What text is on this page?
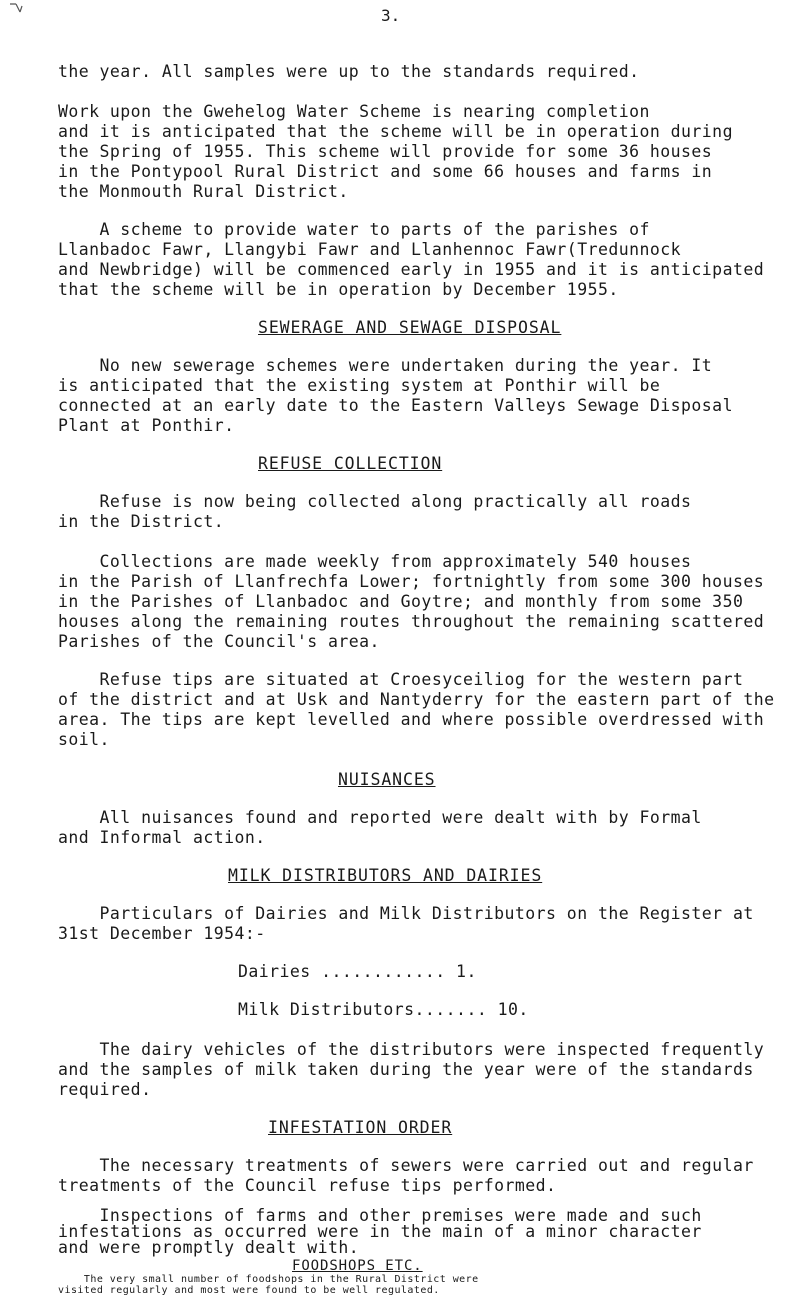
3.
the year. All samples were up to the standards required.
Work upon the Gwehelog Water Scheme is nearing completion
and it is anticipated that the scheme will be in operation during
the Spring of 1955. This scheme will provide for some 36 houses
in the Pontypool Rural District and some 66 houses and farms in
the Monmouth Rural District.
A scheme to provide water to parts of the parishes of
Llanbadoc Fawr, Llangybi Fawr and Llanhennoc Fawr(Tredunnock
and Newbridge) will be commenced early in 1955 and it is anticipated
that the scheme will be in operation by December 1955.
SEWERAGE AND SEWAGE DISPOSAL
No new sewerage schemes were undertaken during the year. It
is anticipated that the existing system at Ponthir will be
connected at an early date to the Eastern Valleys Sewage Disposal
Plant at Ponthir.
REFUSE COLLECTION
Refuse is now being collected along practically all roads
in the District.
Collections are made weekly from approximately 540 houses
in the Parish of Llanfrechfa Lower; fortnightly from some 300 houses
in the Parishes of Llanbadoc and Goytre; and monthly from some 350
houses along the remaining routes throughout the remaining scattered
Parishes of the Council's area.
Refuse tips are situated at Croesyceiliog for the western part
of the district and at Usk and Nantyderry for the eastern part of the
area. The tips are kept levelled and where possible overdressed with
soil.
NUISANCES
All nuisances found and reported were dealt with by Formal
and Informal action.
MILK DISTRIBUTORS AND DAIRIES
Particulars of Dairies and Milk Distributors on the Register at
31st December 1954:-
Dairies ............ 1.
Milk Distributors....... 10.
The dairy vehicles of the distributors were inspected frequently
and the samples of milk taken during the year were of the standards
required.
INFESTATION ORDER
The necessary treatments of sewers were carried out and regular
treatments of the Council refuse tips performed.
Inspections of farms and other premises were made and such
infestations as occurred were in the main of a minor character
and were promptly dealt with.
FOODSHOPS ETC.
The very small number of foodshops in the Rural District were
visited regularly and most were found to be well regulated.
